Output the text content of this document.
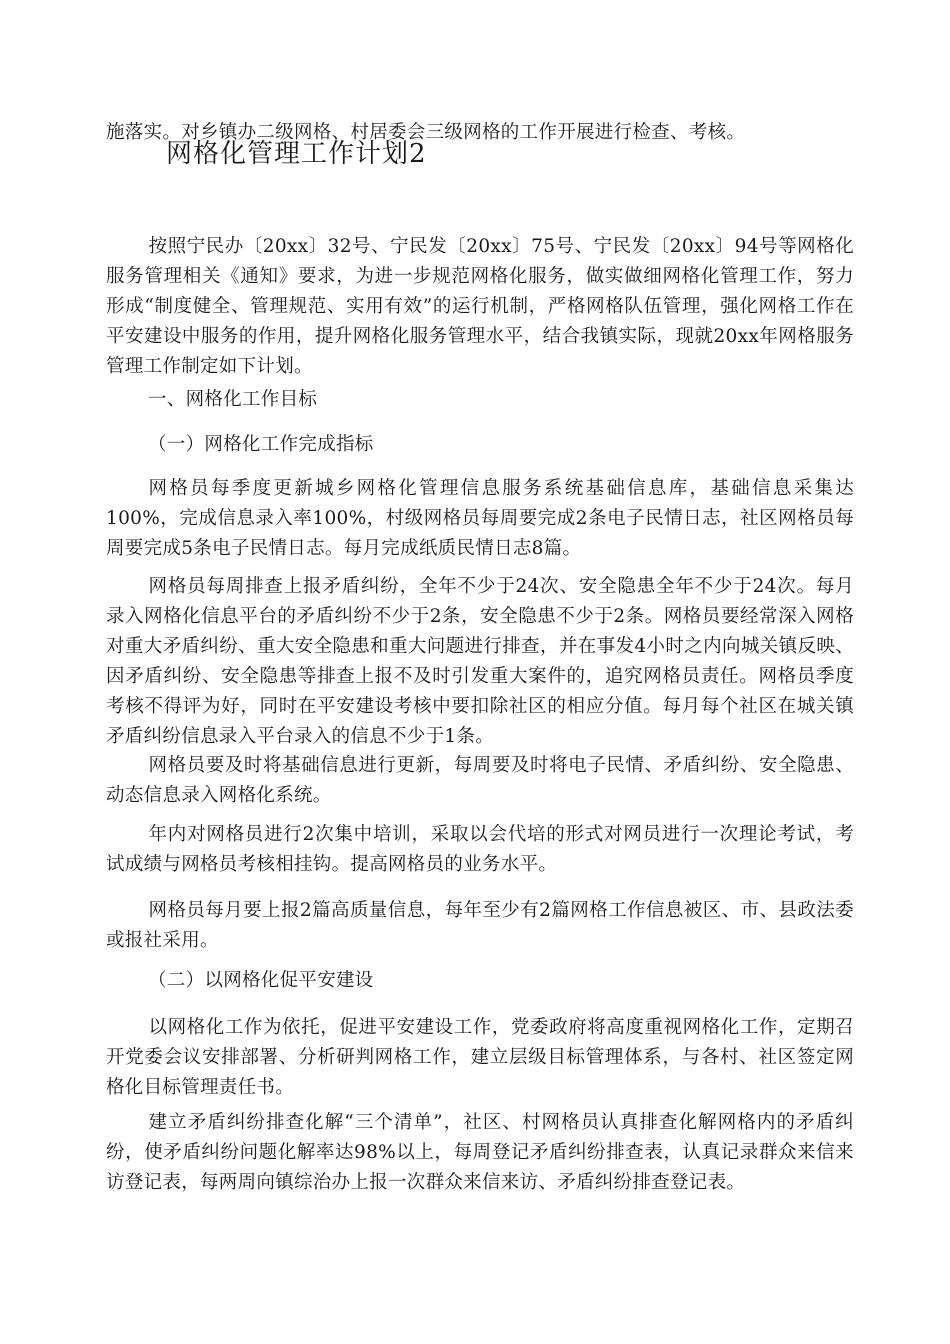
施落实。对乡镇办二级网格、村居委会三级网格的工作开展进行检查、考核。

网格化管理工作计划2

按照宁民办〔20xx〕32号、宁民发〔20xx〕75号、宁民发〔20xx〕94号等网格化服务管理相关《通知》要求，为进一步规范网格化服务，做实做细网格化管理工作，努力形成“制度健全、管理规范、实用有效”的运行机制，严格网格队伍管理，强化网格工作在平安建设中服务的作用，提升网格化服务管理水平，结合我镇实际，现就20xx年网格服务管理工作制定如下计划。

一、网格化工作目标

（一）网格化工作完成指标

网格员每季度更新城乡网格化管理信息服务系统基础信息库，基础信息采集达100%，完成信息录入率100%，村级网格员每周要完成2条电子民情日志，社区网格员每周要完成5条电子民情日志。每月完成纸质民情日志8篇。

网格员每周排查上报矛盾纠纷，全年不少于24次、安全隐患全年不少于24次。每月录入网格化信息平台的矛盾纠纷不少于2条，安全隐患不少于2条。网格员要经常深入网格对重大矛盾纠纷、重大安全隐患和重大问题进行排查，并在事发4小时之内向城关镇反映、因矛盾纠纷、安全隐患等排查上报不及时引发重大案件的，追究网格员责任。网格员季度考核不得评为好，同时在平安建设考核中要扣除社区的相应分值。每月每个社区在城关镇矛盾纠纷信息录入平台录入的信息不少于1条。

网格员要及时将基础信息进行更新，每周要及时将电子民情、矛盾纠纷、安全隐患、动态信息录入网格化系统。

年内对网格员进行2次集中培训，采取以会代培的形式对网员进行一次理论考试，考试成绩与网格员考核相挂钩。提高网格员的业务水平。

网格员每月要上报2篇高质量信息，每年至少有2篇网格工作信息被区、市、县政法委或报社采用。

（二）以网格化促平安建设

以网格化工作为依托，促进平安建设工作，党委政府将高度重视网格化工作，定期召开党委会议安排部署、分析研判网格工作，建立层级目标管理体系，与各村、社区签定网格化目标管理责任书。

建立矛盾纠纷排查化解“三个清单”，社区、村网格员认真排查化解网格内的矛盾纠纷，使矛盾纠纷问题化解率达98%以上，每周登记矛盾纠纷排查表，认真记录群众来信来访登记表，每两周向镇综治办上报一次群众来信来访、矛盾纠纷排查登记表。
